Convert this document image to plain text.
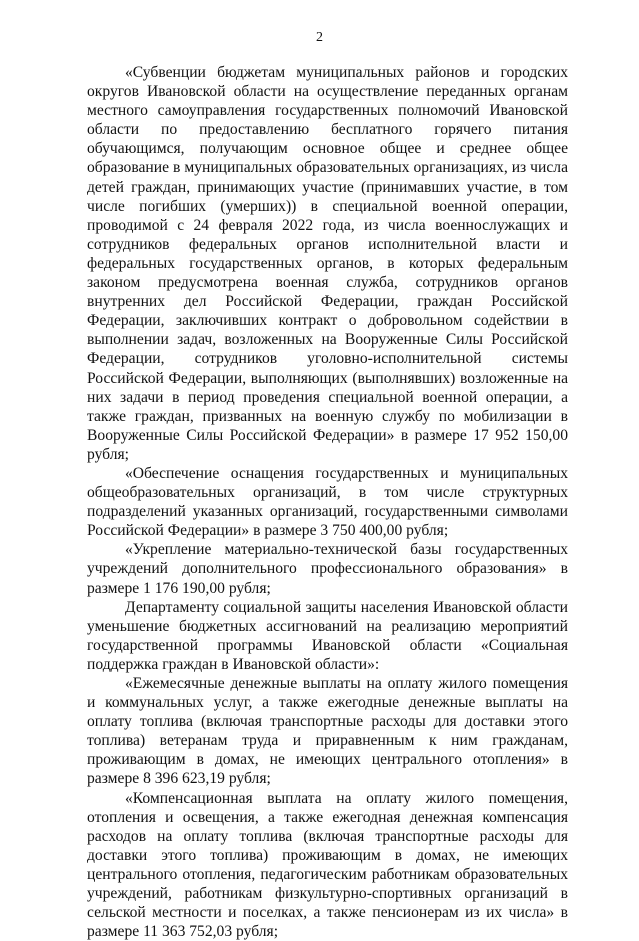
2

«Субвенции бюджетам муниципальных районов и городских округов Ивановской области на осуществление переданных органам местного самоуправления государственных полномочий Ивановской области по предоставлению бесплатного горячего питания обучающимся, получающим основное общее и среднее общее образование в муниципальных образовательных организациях, из числа детей граждан, принимающих участие (принимавших участие, в том числе погибших (умерших)) в специальной военной операции, проводимой с 24 февраля 2022 года, из числа военнослужащих и сотрудников федеральных органов исполнительной власти и федеральных государственных органов, в которых федеральным законом предусмотрена военная служба, сотрудников органов внутренних дел Российской Федерации, граждан Российской Федерации, заключивших контракт о добровольном содействии в выполнении задач, возложенных на Вооруженные Силы Российской Федерации, сотрудников уголовно-исполнительной системы Российской Федерации, выполняющих (выполнявших) возложенные на них задачи в период проведения специальной военной операции, а также граждан, призванных на военную службу по мобилизации в Вооруженные Силы Российской Федерации» в размере 17 952 150,00 рубля;

«Обеспечение оснащения государственных и муниципальных общеобразовательных организаций, в том числе структурных подразделений указанных организаций, государственными символами Российской Федерации» в размере 3 750 400,00 рубля;

«Укрепление материально-технической базы государственных учреждений дополнительного профессионального образования» в размере 1 176 190,00 рубля;

Департаменту социальной защиты населения Ивановской области уменьшение бюджетных ассигнований на реализацию мероприятий государственной программы Ивановской области «Социальная поддержка граждан в Ивановской области»:

«Ежемесячные денежные выплаты на оплату жилого помещения и коммунальных услуг, а также ежегодные денежные выплаты на оплату топлива (включая транспортные расходы для доставки этого топлива) ветеранам труда и приравненным к ним гражданам, проживающим в домах, не имеющих центрального отопления» в размере 8 396 623,19 рубля;

«Компенсационная выплата на оплату жилого помещения, отопления и освещения, а также ежегодная денежная компенсация расходов на оплату топлива (включая транспортные расходы для доставки этого топлива) проживающим в домах, не имеющих центрального отопления, педагогическим работникам образовательных учреждений, работникам физкультурно-спортивных организаций в сельской местности и поселках, а также пенсионерам из их числа» в размере 11 363 752,03 рубля;
